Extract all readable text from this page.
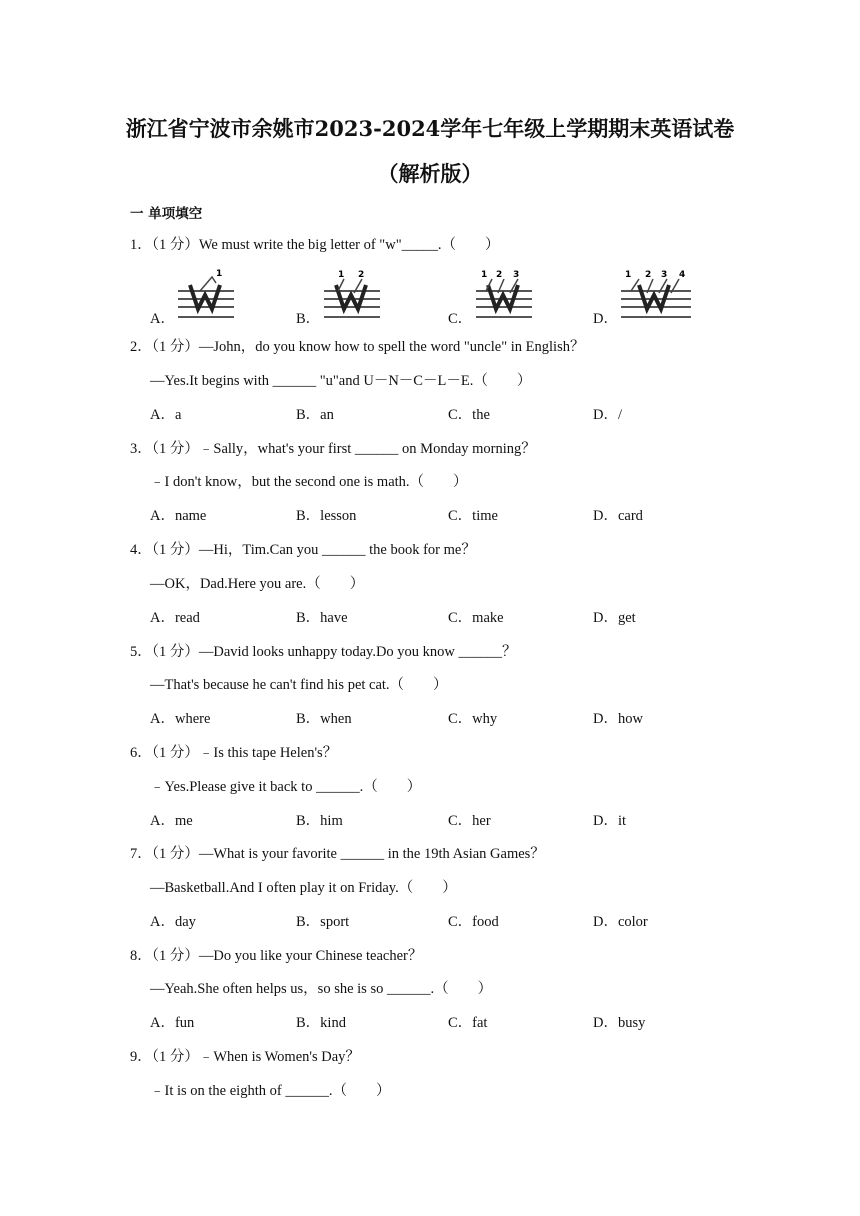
浙江省宁波市余姚市2023-2024学年七年级上学期期末英语试卷
（解析版）
一 单项填空
1．（1 分）We must write the big letter of "w"_____.（　　）
A．
1
B．
1 2
C．
1 2 3
D．
1 2 3 4
2．（1 分）—John，do you know how to spell the word "uncle" in English？
—Yes.It begins with ______ "u"and U－N－C－L－E.（　　）
A．a	B．an	C．the	D．/
3．（1 分）﹣Sally，what's your first ______ on Monday morning？
﹣I don't know，but the second one is math.（　　）
A．name	B．lesson	C．time	D．card
4．（1 分）—Hi，Tim.Can you ______ the book for me？
—OK，Dad.Here you are.（　　）
A．read	B．have	C．make	D．get
5．（1 分）—David looks unhappy today.Do you know ______？
—That's because he can't find his pet cat.（　　）
A．where	B．when	C．why	D．how
6．（1 分）﹣Is this tape Helen's？
﹣Yes.Please give it back to ______.（　　）
A．me	B．him	C．her	D．it
7．（1 分）—What is your favorite ______ in the 19th Asian Games？
—Basketball.And I often play it on Friday.（　　）
A．day	B．sport	C．food	D．color
8．（1 分）—Do you like your Chinese teacher？
—Yeah.She often helps us，so she is so ______.（　　）
A．fun	B．kind	C．fat	D．busy
9．（1 分）﹣When is Women's Day？
﹣It is on the eighth of ______.（　　）
